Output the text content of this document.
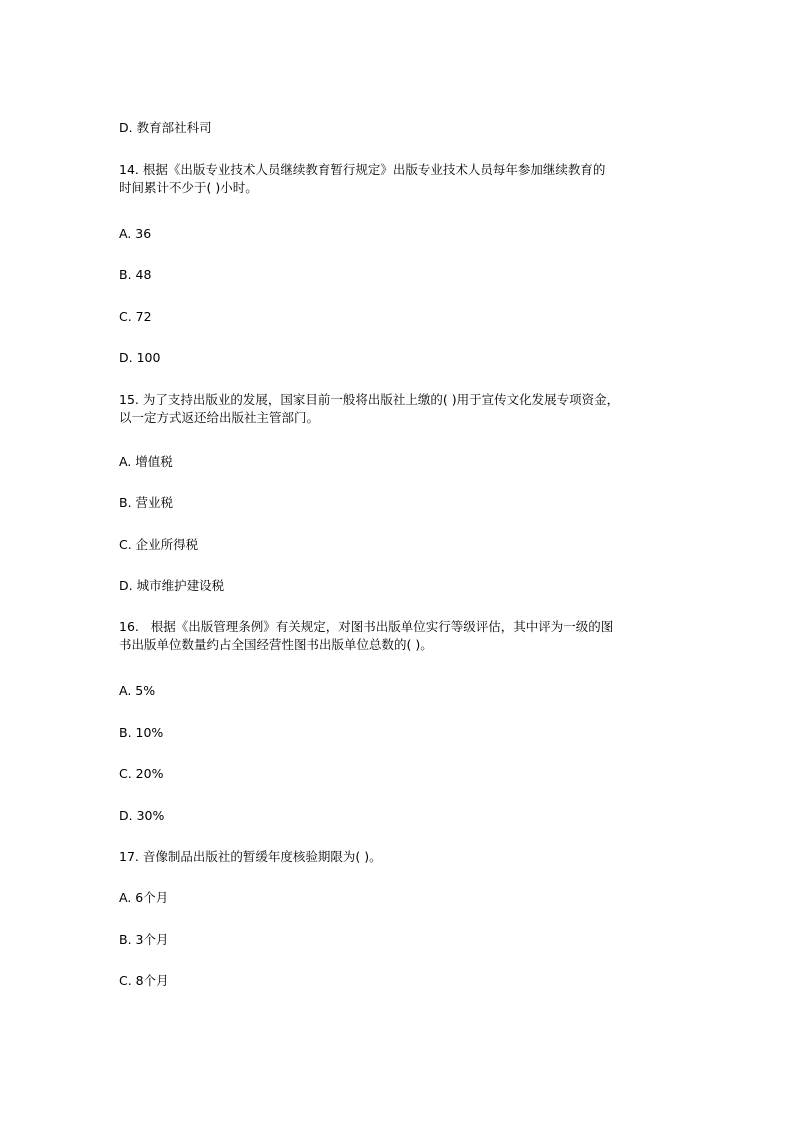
D. 教育部社科司
14. 根据《出版专业技术人员继续教育暂行规定》出版专业技术人员每年参加继续教育的
时间累计不少于( )小时。
A. 36
B. 48
C. 72
D. 100
15. 为了支持出版业的发展，国家目前一般将出版社上缴的( )用于宣传文化发展专项资金，
以一定方式返还给出版社主管部门。
A. 增值税
B. 营业税
C. 企业所得税
D. 城市维护建设税
16.   根据《出版管理条例》有关规定，对图书出版单位实行等级评估，其中评为一级的图
书出版单位数量约占全国经营性图书出版单位总数的( )。
A. 5%
B. 10%
C. 20%
D. 30%
17. 音像制品出版社的暂缓年度核验期限为( )。
A. 6个月
B. 3个月
C. 8个月
